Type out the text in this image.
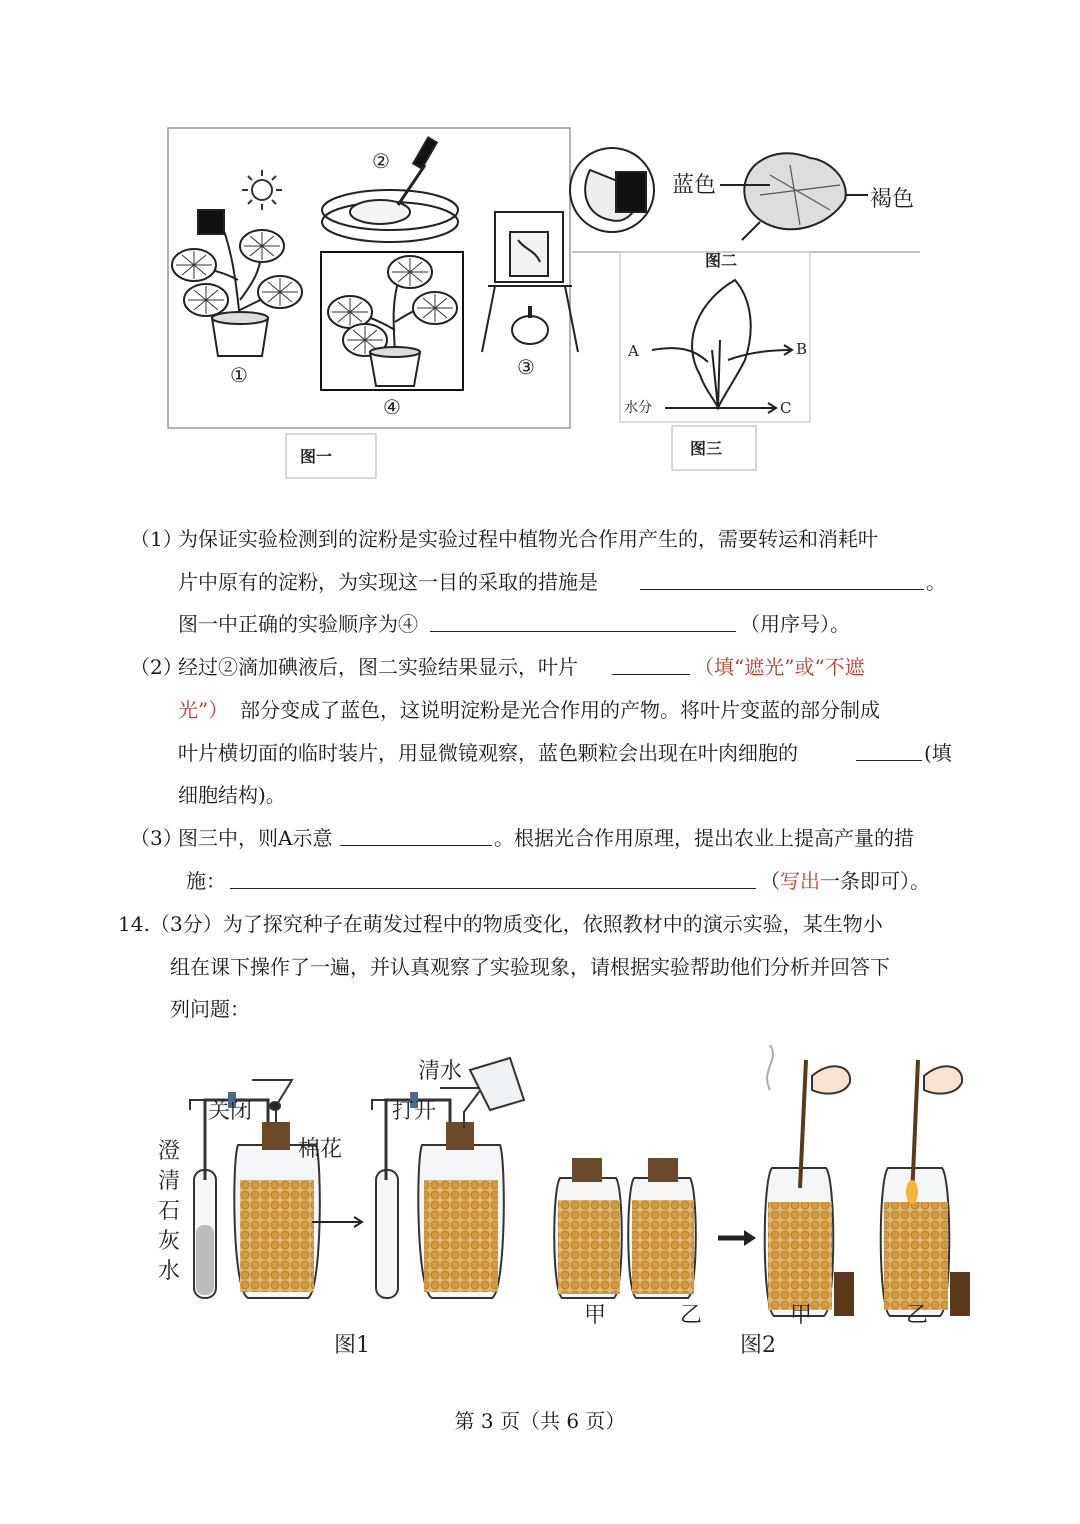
①
②
③
④
蓝色
褐色
图二
A	B
C
水分
图一	图三
（1）
为保证实验检测到的淀粉是实验过程中植物光合作用产生的，需要转运和消耗叶
片中原有的淀粉，为实现这一目的采取的措施是	。
图一中正确的实验顺序为④	（用序号）。
（2）
经过②滴加碘液后，图二实验结果显示，叶片	（填“遮光”或“不遮
光”） 部分变成了蓝色，这说明淀粉是光合作用的产物。将叶片变蓝的部分制成
叶片横切面的临时装片，用显微镜观察，蓝色颗粒会出现在叶肉细胞的	(填
细胞结构)。
（3）
图三中，则A示意	。根据光合作用原理，提出农业上提高产量的措
施：	（写出一条即可）。
14. （3分）为了探究种子在萌发过程中的物质变化，依照教材中的演示实验，某生物小
组在课下操作了一遍，并认真观察了实验现象，请根据实验帮助他们分析并回答下
列问题：
关闭	打开
棉花
清水
澄
清
石
灰
水
甲	乙	甲	乙
图1	图2
第 3 页（共 6 页）
